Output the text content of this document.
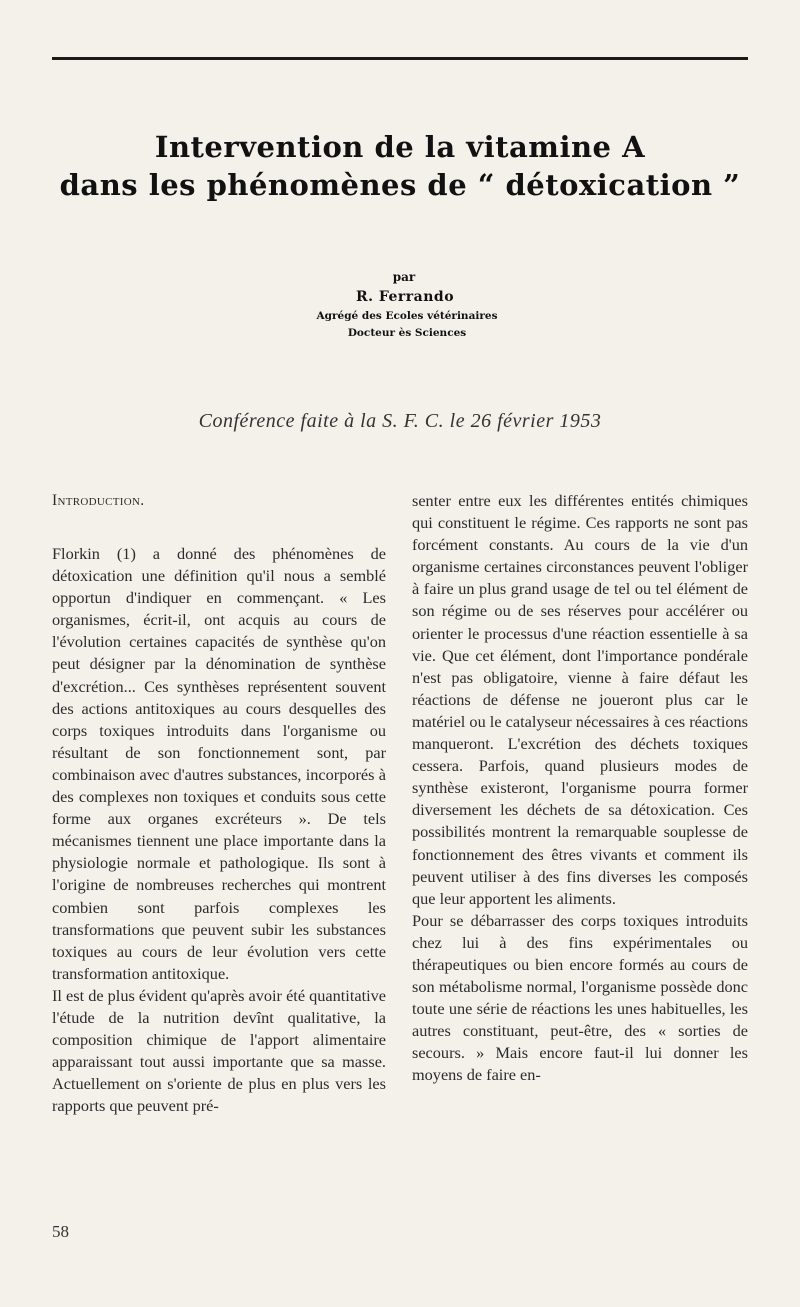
Intervention de la vitamine A
dans les phénomènes de “ détoxication ”
par
R. Ferrando
Agrégé des Ecoles vétérinaires
Docteur ès Sciences
Conférence faite à la S. F. C. le 26 février 1953
Introduction.

Florkin (1) a donné des phénomènes de détoxication une définition qu'il nous a semblé opportun d'indiquer en commençant. « Les organismes, écrit-il, ont acquis au cours de l'évolution certaines capacités de synthèse qu'on peut désigner par la dénomination de synthèse d'excrétion... Ces synthèses représentent souvent des actions antitoxiques au cours desquelles des corps toxiques introduits dans l'organisme ou résultant de son fonctionnement sont, par combinaison avec d'autres substances, incorporés à des complexes non toxiques et conduits sous cette forme aux organes excréteurs ». De tels mécanismes tiennent une place importante dans la physiologie normale et pathologique. Ils sont à l'origine de nombreuses recherches qui montrent combien sont parfois complexes les transformations que peuvent subir les substances toxiques au cours de leur évolution vers cette transformation antitoxique.

Il est de plus évident qu'après avoir été quantitative l'étude de la nutrition devînt qualitative, la composition chimique de l'apport alimentaire apparaissant tout aussi importante que sa masse. Actuellement on s'oriente de plus en plus vers les rapports que peuvent pré-

senter entre eux les différentes entités chimiques qui constituent le régime. Ces rapports ne sont pas forcément constants. Au cours de la vie d'un organisme certaines circonstances peuvent l'obliger à faire un plus grand usage de tel ou tel élément de son régime ou de ses réserves pour accélérer ou orienter le processus d'une réaction essentielle à sa vie. Que cet élément, dont l'importance pondérale n'est pas obligatoire, vienne à faire défaut les réactions de défense ne joueront plus car le matériel ou le catalyseur nécessaires à ces réactions manqueront. L'excrétion des déchets toxiques cessera. Parfois, quand plusieurs modes de synthèse existeront, l'organisme pourra former diversement les déchets de sa détoxication. Ces possibilités montrent la remarquable souplesse de fonctionnement des êtres vivants et comment ils peuvent utiliser à des fins diverses les composés que leur apportent les aliments.

Pour se débarrasser des corps toxiques introduits chez lui à des fins expérimentales ou thérapeutiques ou bien encore formés au cours de son métabolisme normal, l'organisme possède donc toute une série de réactions les unes habituelles, les autres constituant, peut-être, des « sorties de secours. » Mais encore faut-il lui donner les moyens de faire en-

58
